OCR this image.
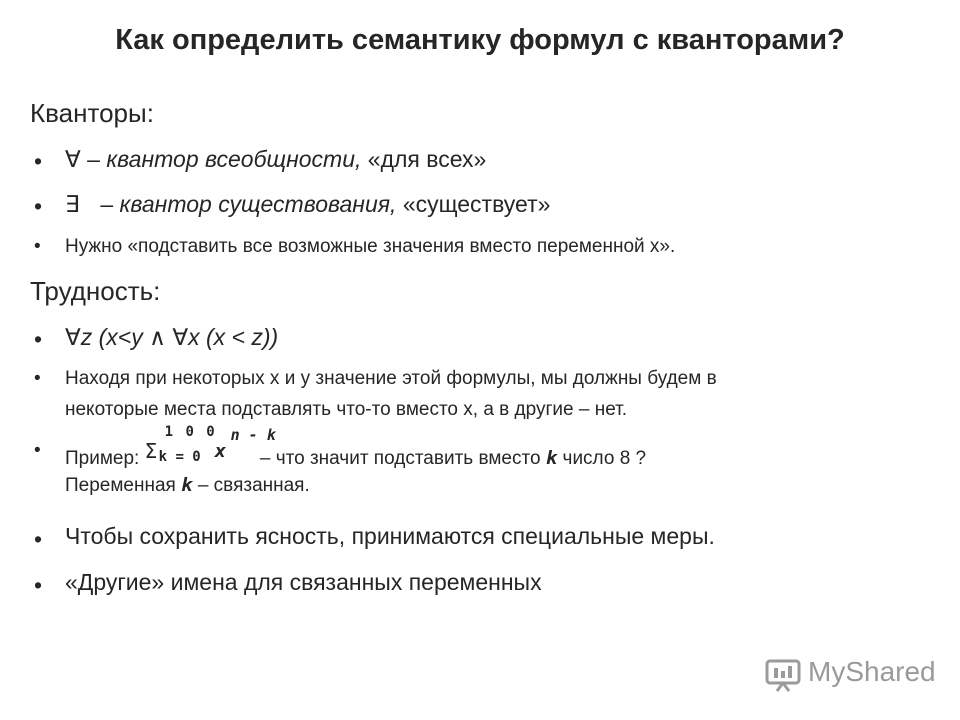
Как определить семантику формул с кванторами?
Кванторы:
• ∀ – квантор всеобщности, «для всех»
• ∃ – квантор существования, «существует»
• Нужно «подставить все возможные значения вместо переменной x».
Трудность:
• ∀z (x<y ∧ ∀x (x < z))
• Находя при некоторых x и y значение этой формулы, мы должны будем в
некоторые места подставлять что-то вместо x, а в другие – нет.
• Пример: Σ
1 0 0
k = 0 x
n - k
– что значит подставить вместо k число 8 ?
Переменная k – связанная.
• Чтобы сохранить ясность, принимаются специальные меры.
• «Другие» имена для связанных переменных
MyShared
